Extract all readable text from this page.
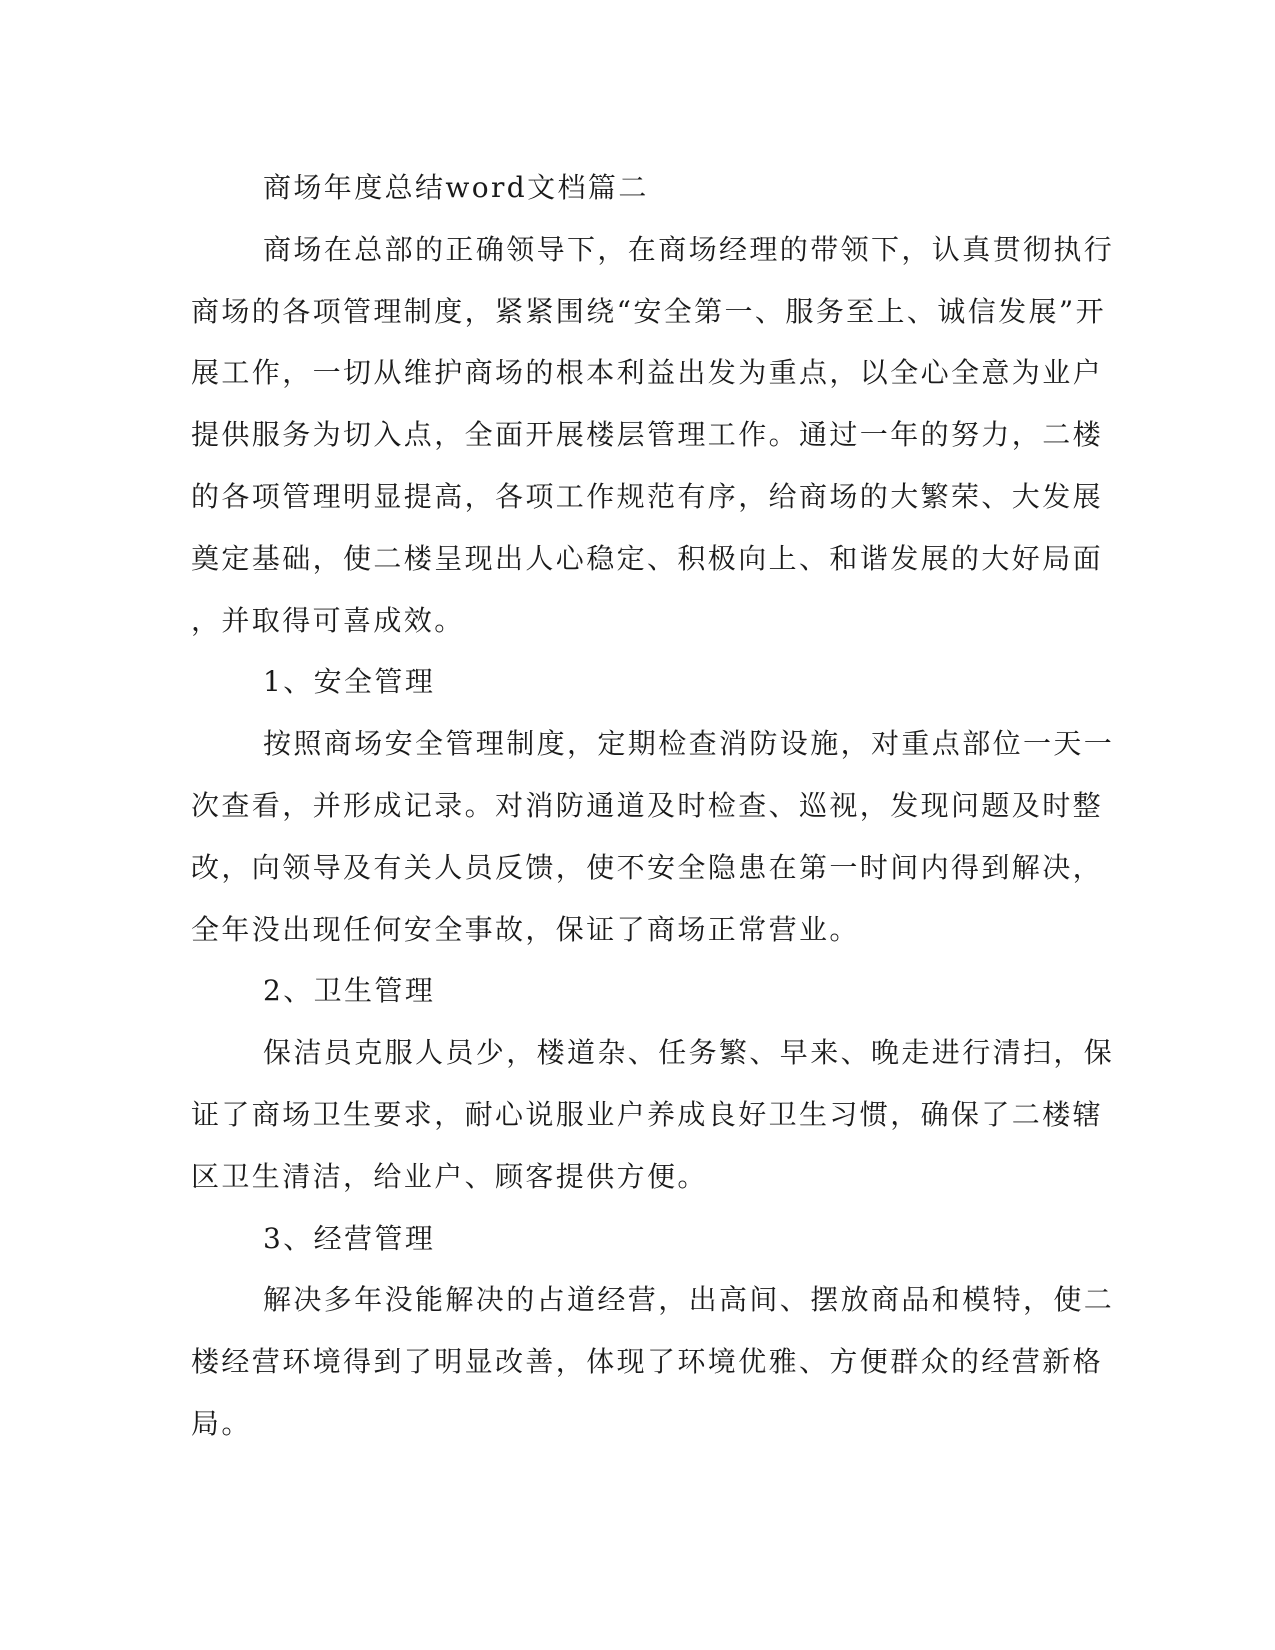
商场年度总结word文档篇二
商场在总部的正确领导下，在商场经理的带领下，认真贯彻执行
商场的各项管理制度，紧紧围绕“安全第一、服务至上、诚信发展”开
展工作，一切从维护商场的根本利益出发为重点，以全心全意为业户
提供服务为切入点，全面开展楼层管理工作。通过一年的努力，二楼
的各项管理明显提高，各项工作规范有序，给商场的大繁荣、大发展
奠定基础，使二楼呈现出人心稳定、积极向上、和谐发展的大好局面
，并取得可喜成效。
1、安全管理
按照商场安全管理制度，定期检查消防设施，对重点部位一天一
次查看，并形成记录。对消防通道及时检查、巡视，发现问题及时整
改，向领导及有关人员反馈，使不安全隐患在第一时间内得到解决，
全年没出现任何安全事故，保证了商场正常营业。
2、卫生管理
保洁员克服人员少，楼道杂、任务繁、早来、晚走进行清扫，保
证了商场卫生要求，耐心说服业户养成良好卫生习惯，确保了二楼辖
区卫生清洁，给业户、顾客提供方便。
3、经营管理
解决多年没能解决的占道经营，出高间、摆放商品和模特，使二
楼经营环境得到了明显改善，体现了环境优雅、方便群众的经营新格
局。
